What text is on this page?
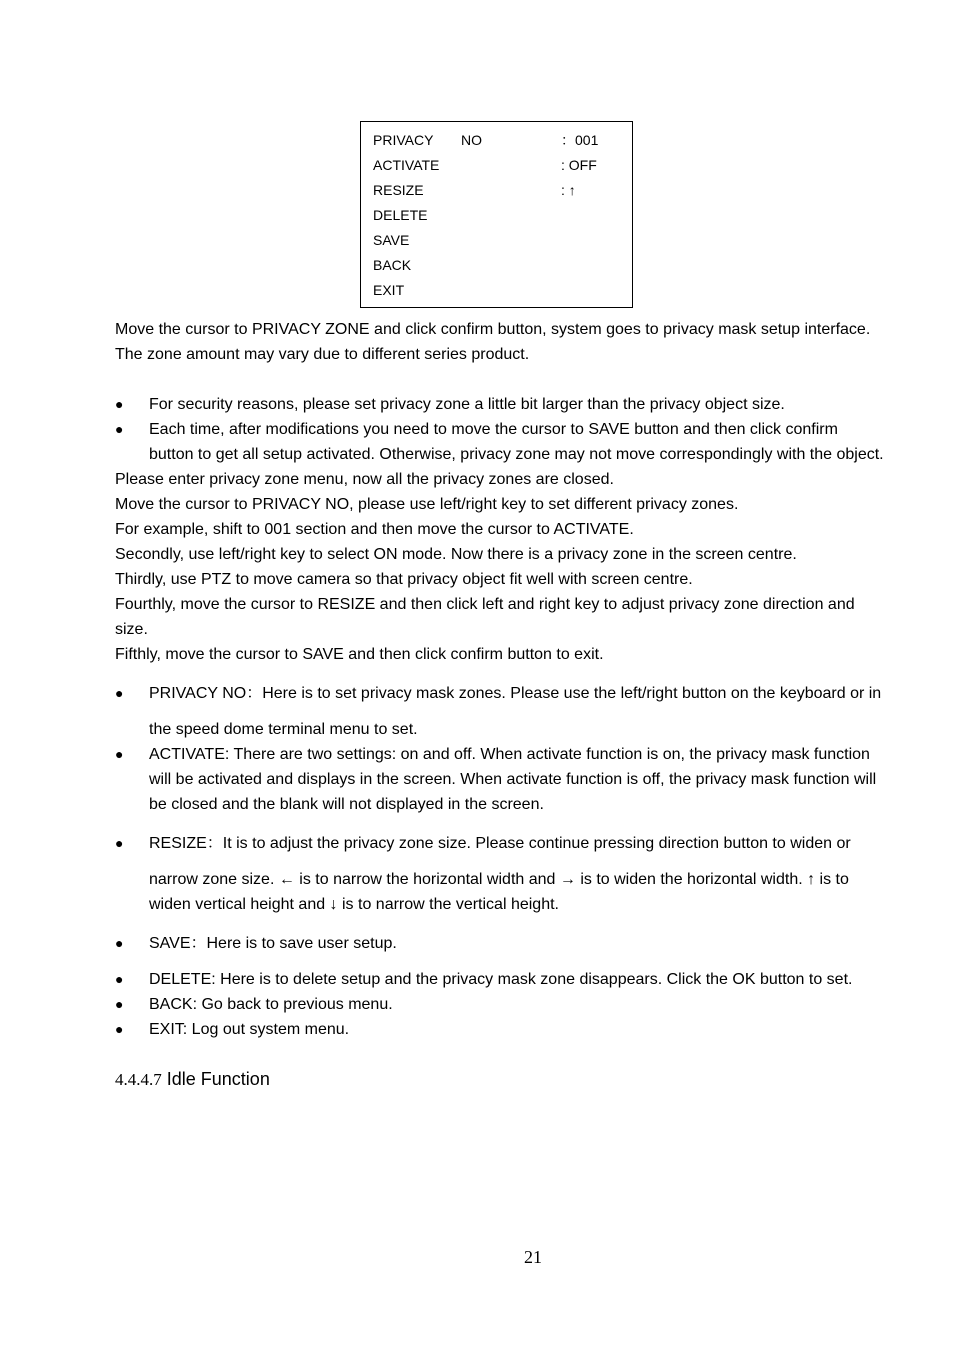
PRIVACY NO	：001
ACTIVATE	: OFF
RESIZE	: ↑
DELETE
SAVE
BACK
EXIT
Move the cursor to PRIVACY ZONE and click confirm button, system goes to privacy mask setup interface.
The zone amount may vary due to different series product.
● For security reasons, please set privacy zone a little bit larger than the privacy object size.
● Each time, after modifications you need to move the cursor to SAVE button and then click confirm
button to get all setup activated. Otherwise, privacy zone may not move correspondingly with the object.
Please enter privacy zone menu, now all the privacy zones are closed.
Move the cursor to PRIVACY NO, please use left/right key to set different privacy zones.
For example, shift to 001 section and then move the cursor to ACTIVATE.
Secondly, use left/right key to select ON mode. Now there is a privacy zone in the screen centre.
Thirdly, use PTZ to move camera so that privacy object fit well with screen centre.
Fourthly, move the cursor to RESIZE and then click left and right key to adjust privacy zone direction and
size.
Fifthly, move the cursor to SAVE and then click confirm button to exit.
● PRIVACY NO：Here is to set privacy mask zones. Please use the left/right button on the keyboard or in
the speed dome terminal menu to set.
● ACTIVATE: There are two settings: on and off. When activate function is on, the privacy mask function
will be activated and displays in the screen. When activate function is off, the privacy mask function will
be closed and the blank will not displayed in the screen.
● RESIZE：It is to adjust the privacy zone size. Please continue pressing direction button to widen or
narrow zone size. ← is to narrow the horizontal width and → is to widen the horizontal width. ↑ is to
widen vertical height and ↓ is to narrow the vertical height.
● SAVE：Here is to save user setup.
● DELETE: Here is to delete setup and the privacy mask zone disappears. Click the OK button to set.
● BACK: Go back to previous menu.
● EXIT: Log out system menu.
4.4.4.7 Idle Function
21
